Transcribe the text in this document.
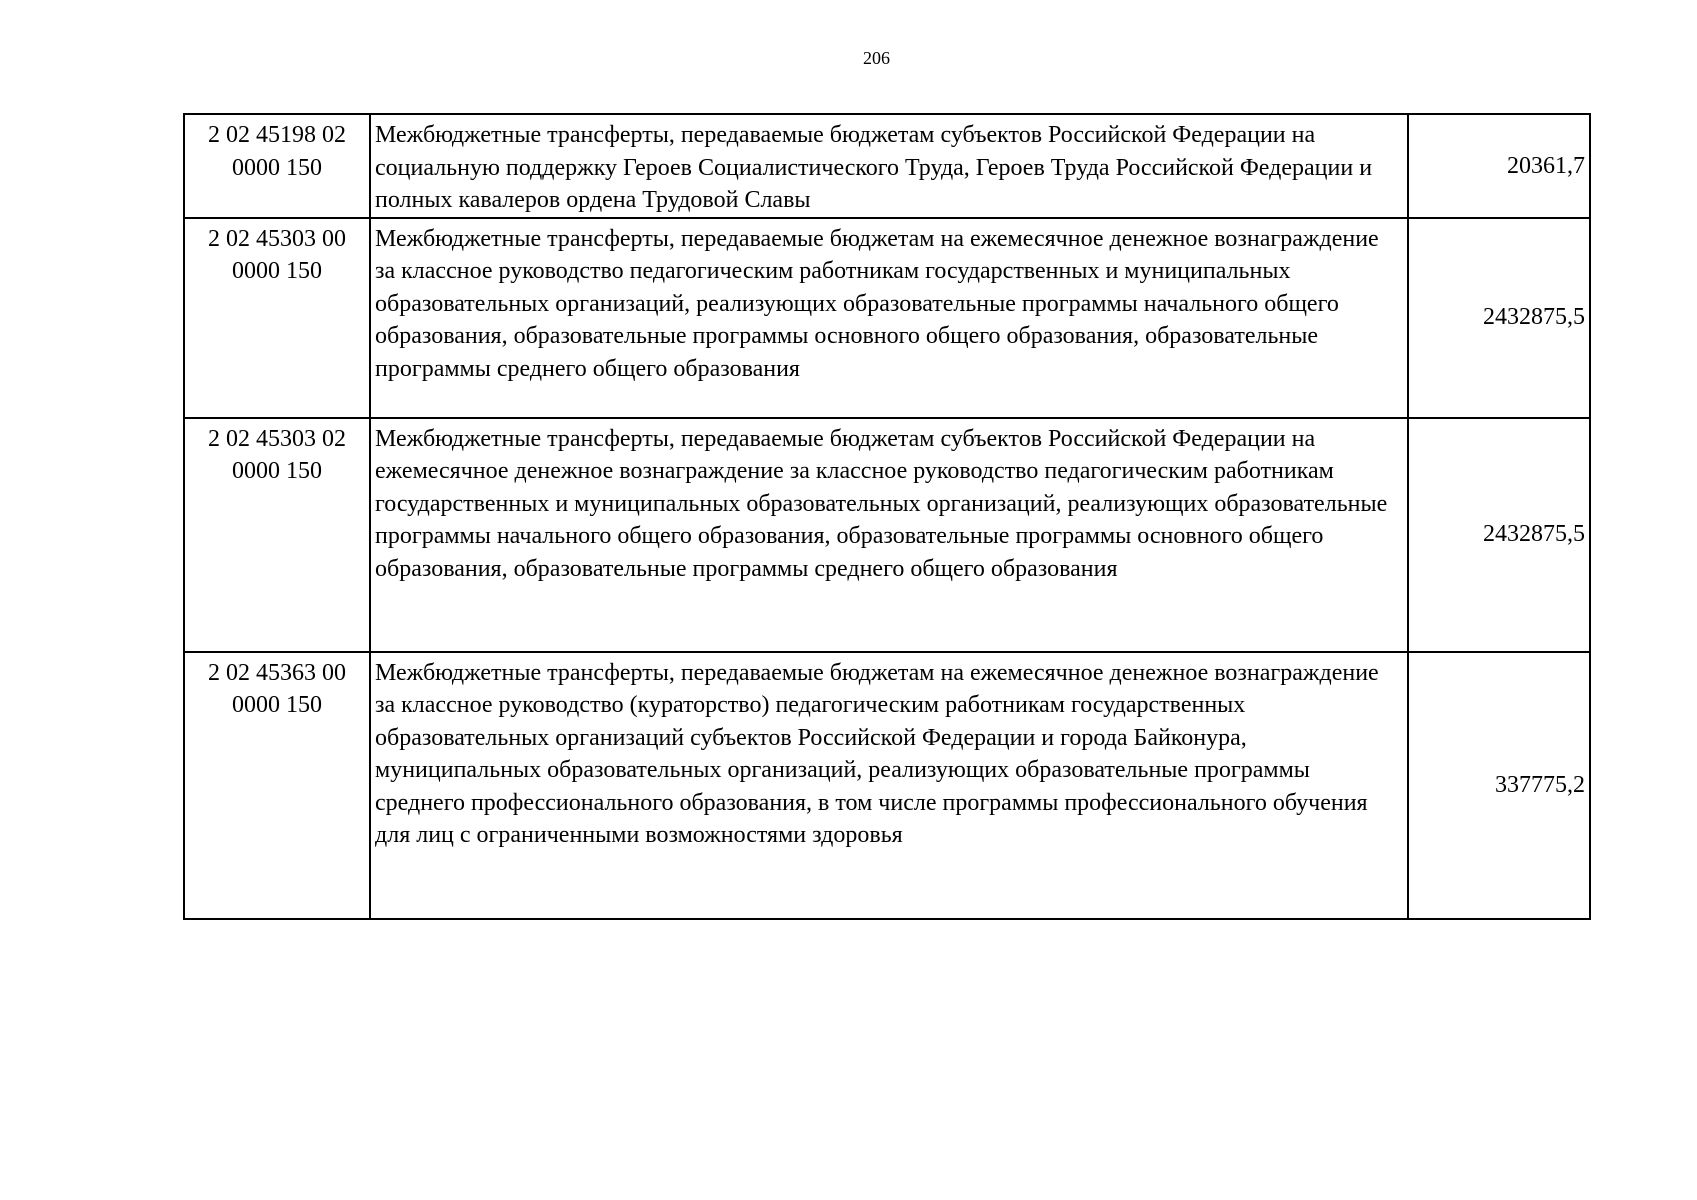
206
2 02 45198 02
0000 150	Межбюджетные трансферты, передаваемые бюджетам субъектов Российской Федерации на социальную поддержку Героев Социалистического Труда, Героев Труда Российской Федерации и полных кавалеров ордена Трудовой Славы	20361,7

2 02 45303 00
0000 150	Межбюджетные трансферты, передаваемые бюджетам на ежемесячное денежное вознаграждение за классное руководство педагогическим работникам государственных и муниципальных образовательных организаций, реализующих образовательные программы начального общего образования, образовательные программы основного общего образования, образовательные программы среднего общего образования	2432875,5

2 02 45303 02
0000 150	Межбюджетные трансферты, передаваемые бюджетам субъектов Российской Федерации на ежемесячное денежное вознаграждение за классное руководство педагогическим работникам государственных и муниципальных образовательных организаций, реализующих образовательные программы начального общего образования, образовательные программы основного общего образования, образовательные программы среднего общего образования	2432875,5

2 02 45363 00
0000 150	Межбюджетные трансферты, передаваемые бюджетам на ежемесячное денежное вознаграждение за классное руководство (кураторство) педагогическим работникам государственных образовательных организаций субъектов Российской Федерации и города Байконура, муниципальных образовательных организаций, реализующих образовательные программы среднего профессионального образования, в том числе программы профессионального обучения для лиц с ограниченными возможностями здоровья	337775,2
